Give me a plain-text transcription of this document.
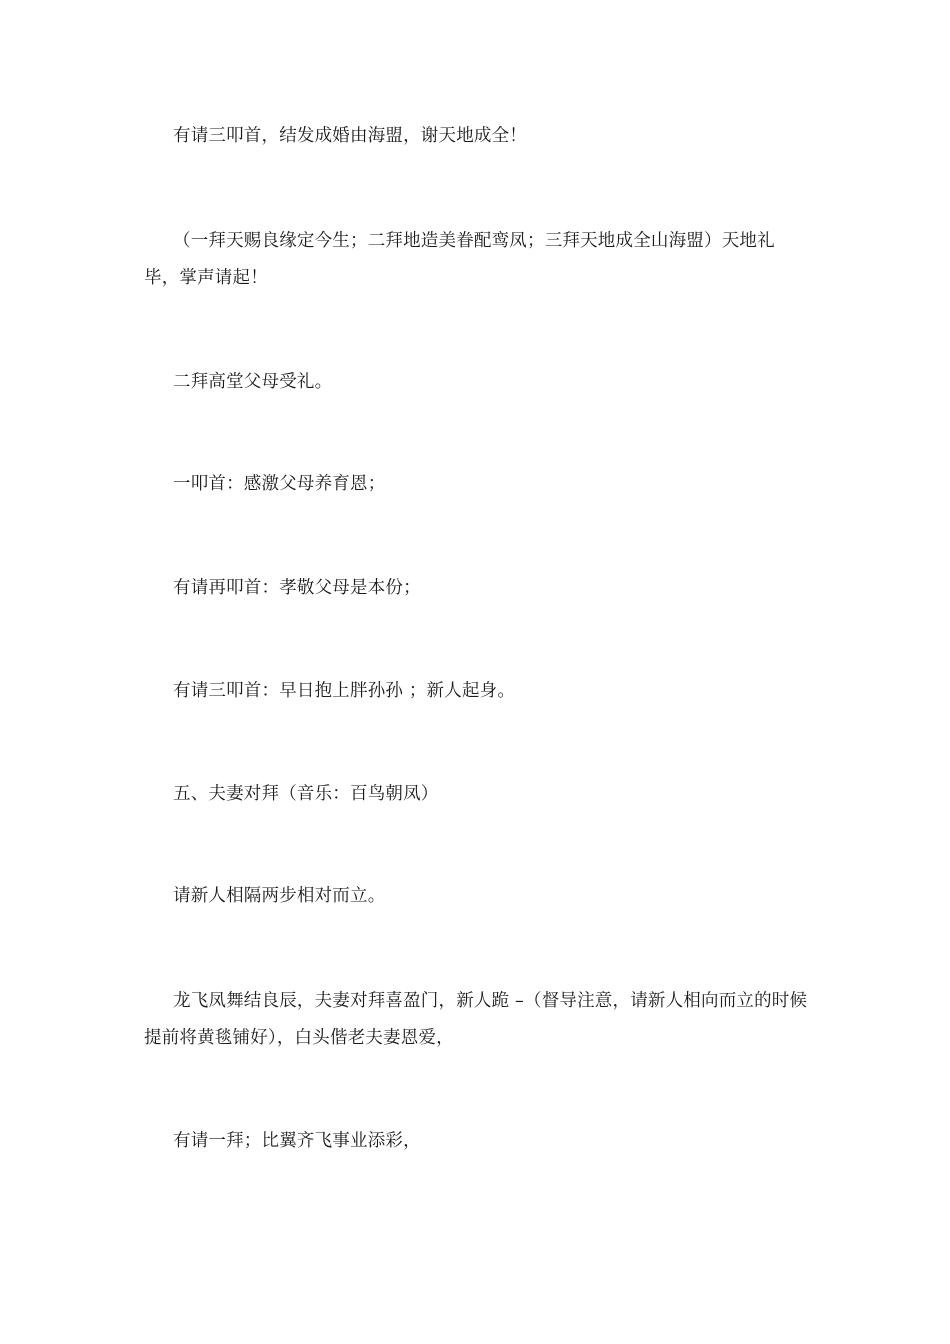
有请三叩首，结发成婚由海盟，谢天地成全！

（一拜天赐良缘定今生；二拜地造美眷配鸾凤；三拜天地成全山海盟）天地礼毕，掌声请起！

二拜高堂父母受礼。

一叩首：感激父母养育恩；

有请再叩首：孝敬父母是本份；

有请三叩首：早日抱上胖孙孙 ；新人起身。

五、夫妻对拜（音乐：百鸟朝凤）

请新人相隔两步相对而立。

龙飞凤舞结良辰，夫妻对拜喜盈门，新人跪 –（督导注意，请新人相向而立的时候提前将黄毯铺好），白头偕老夫妻恩爱，

有请一拜；比翼齐飞事业添彩，
